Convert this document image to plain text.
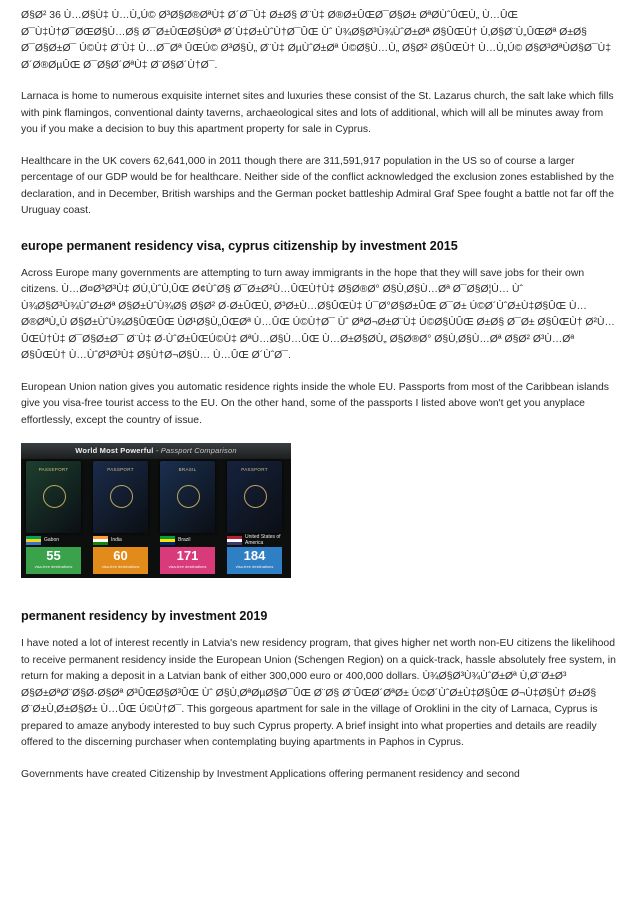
Ø§Ø² 36 Ù…Ø§Ù‡ Ù…Ù„Ú© Ø³Ø§Ø®ØªÙ‡ Ø´Ø¯Ù‡ Ø±Ø§ Ø¨Ù‡ Ø®Ø±ÛŒØ¯Ø§Ø± ØªØÙˆÛŒÙ„ Ù…ÛŒ Ø¯Ù‡Ù†Ø¯ØŒØ§Ù…Ø§ Ø¯Ø±ÛŒØ§ÙØª Ø´Ù‡Ø±ÙˆÙ†Ø¯ÛŒ Ùˆ Ù¾Ø§Ø³Ù¾ÙˆØ±Øª Ø§ÛŒÙ† Ù‚Ø§Ø¨Ù„ÛŒØª Ø±Ø§ Ø¯Ø§Ø±Ø¯ Ú©Ù‡ Ø¨Ù‡ Ù…Ø¯Øª ÛŒÚ© Ø³Ø§Ù„ Ø¨Ù‡ ØµÙˆØ±Øª Ú©Ø§Ù…Ù„ Ø§Ø² Ø§ÛŒÙ† Ù…Ù„Ú© Ø§Ø³ØªÙØ§Ø¯Ù‡ Ø´Ø®ØµÛŒ Ø¯Ø§Ø´ØªÙ‡ Ø¨Ø§Ø´Ù†Ø¯.

Larnaca is home to numerous exquisite internet sites and luxuries these consist of the St. Lazarus church, the salt lake which fills with pink flamingos, conventional dainty taverns, archaeological sites and lots of additional, which will all be minutes away from you if you make a decision to buy this apartment property for sale in Cyprus.

Healthcare in the UK covers 62,641,000 in 2011 though there are 311,591,917 population in the US so of course a larger percentage of our GDP would be for healthcare. Neither side of the conflict acknowledged the exclusion zones established by the declaration, and in December, British warships and the German pocket battleship Admiral Graf Spee fought a battle not far off the Uruguay coast.

europe permanent residency visa, cyprus citizenship by investment 2015

Across Europe many governments are attempting to turn away immigrants in the hope that they will save jobs for their own citizens. Ù…Ø¤Ø³Ø³Ù‡ ØÙ‚ÙˆÙ‚ÛŒ Ø¢ÙˆØ§ Ø¯Ø±Ø²Ù…ÛŒÙ†Ù‡ Ø§Ø®Ø° Ø§Ù‚Ø§Ù…Øª Ø¯Ø§Ø¦Ù… Ùˆ Ù¾Ø§Ø³Ù¾ÙˆØ±Øª Ø§Ø±ÙˆÙ¾Ø§ Ø§Ø² Ø·Ø±ÛŒÙ‚ Ø³Ø±Ù…Ø§ÛŒÙ‡ Ú¯Ø°Ø§Ø±ÛŒ Ø¯Ø± Ú©Ø´ÙˆØ±Ù‡Ø§ÛŒ Ù…Ø®ØªÙ„Ù Ø§Ø±ÙˆÙ¾Ø§ÛŒÛŒ ÙØ¹Ø§Ù„ÛŒØª Ù…ÛŒ Ú©Ù†Ø¯ Ùˆ ØªØ¬Ø±Ø¨Ù‡ Ú©Ø§ÙÛŒ Ø±Ø§ Ø¯Ø± Ø§ÛŒÙ† Ø²Ù…ÛŒÙ†Ù‡ Ø¯Ø§Ø±Ø¯ Ø¨Ù‡ Ø·ÙˆØ±ÛŒÚ©Ù‡ ØªÙ…Ø§Ù…ÛŒ Ù…Ø±Ø§ØÙ„ Ø§Ø®Ø° Ø§Ù‚Ø§Ù…Øª Ø§Ø² Ø³Ù…Øª Ø§ÛŒÙ† Ù…ÙˆØ³Ø³Ù‡ Ø§Ù†Ø¬Ø§Ù… Ù…ÛŒ Ø´ÙˆØ¯.

European Union nation gives you automatic residence rights inside the whole EU. Passports from most of the Caribbean islands give you visa-free tourist access to the EU. On the other hand, some of the passports I listed above won't get you anyplace effortlessly, except the country of issue.

World Most Powerful - Passport Comparison
PASSEPORT
Gabon
55
visa-free destinations
PASSPORT
India
60
visa-free destinations
BRASIL
Brazil
171
visa-free destinations
PASSPORT
United States of America
184
visa-free destinations
permanent residency by investment 2019

I have noted a lot of interest recently in Latvia's new residency program, that gives higher net worth non-EU citizens the likelihood to receive permanent residency inside the European Union (Schengen Region) on a quick-track, hassle absolutely free system, in return for making a deposit in a Latvian bank of either 300,000 euro or 400,000 dollars. Ù¾Ø§Ø³Ù¾ÙˆØ±Øª Ù‚Ø¨Ø±Ø³ Ø§Ø±ØªØ¨Ø§Ø·Ø§Øª Ø³ÛŒØ§Ø³ÛŒ Ùˆ Ø§Ù‚ØªØµØ§Ø¯ÛŒ Ø¨Ø§ Ø¨ÛŒØ´ØªØ± Ú©Ø´ÙˆØ±Ù‡Ø§ÛŒ Ø¬Ù‡Ø§Ù† Ø±Ø§ Ø¨Ø±Ù‚Ø±Ø§Ø± Ù…ÛŒ Ú©Ù†Ø¯. This gorgeous apartment for sale in the village of Oroklini in the city of Larnaca, Cyprus is prepared to amaze anybody interested to buy such Cyprus property. A brief insight into what properties and details are readily offered to the discerning purchaser when contemplating buying apartments in Paphos in Cyprus.

Governments have created Citizenship by Investment Applications offering permanent residency and second
